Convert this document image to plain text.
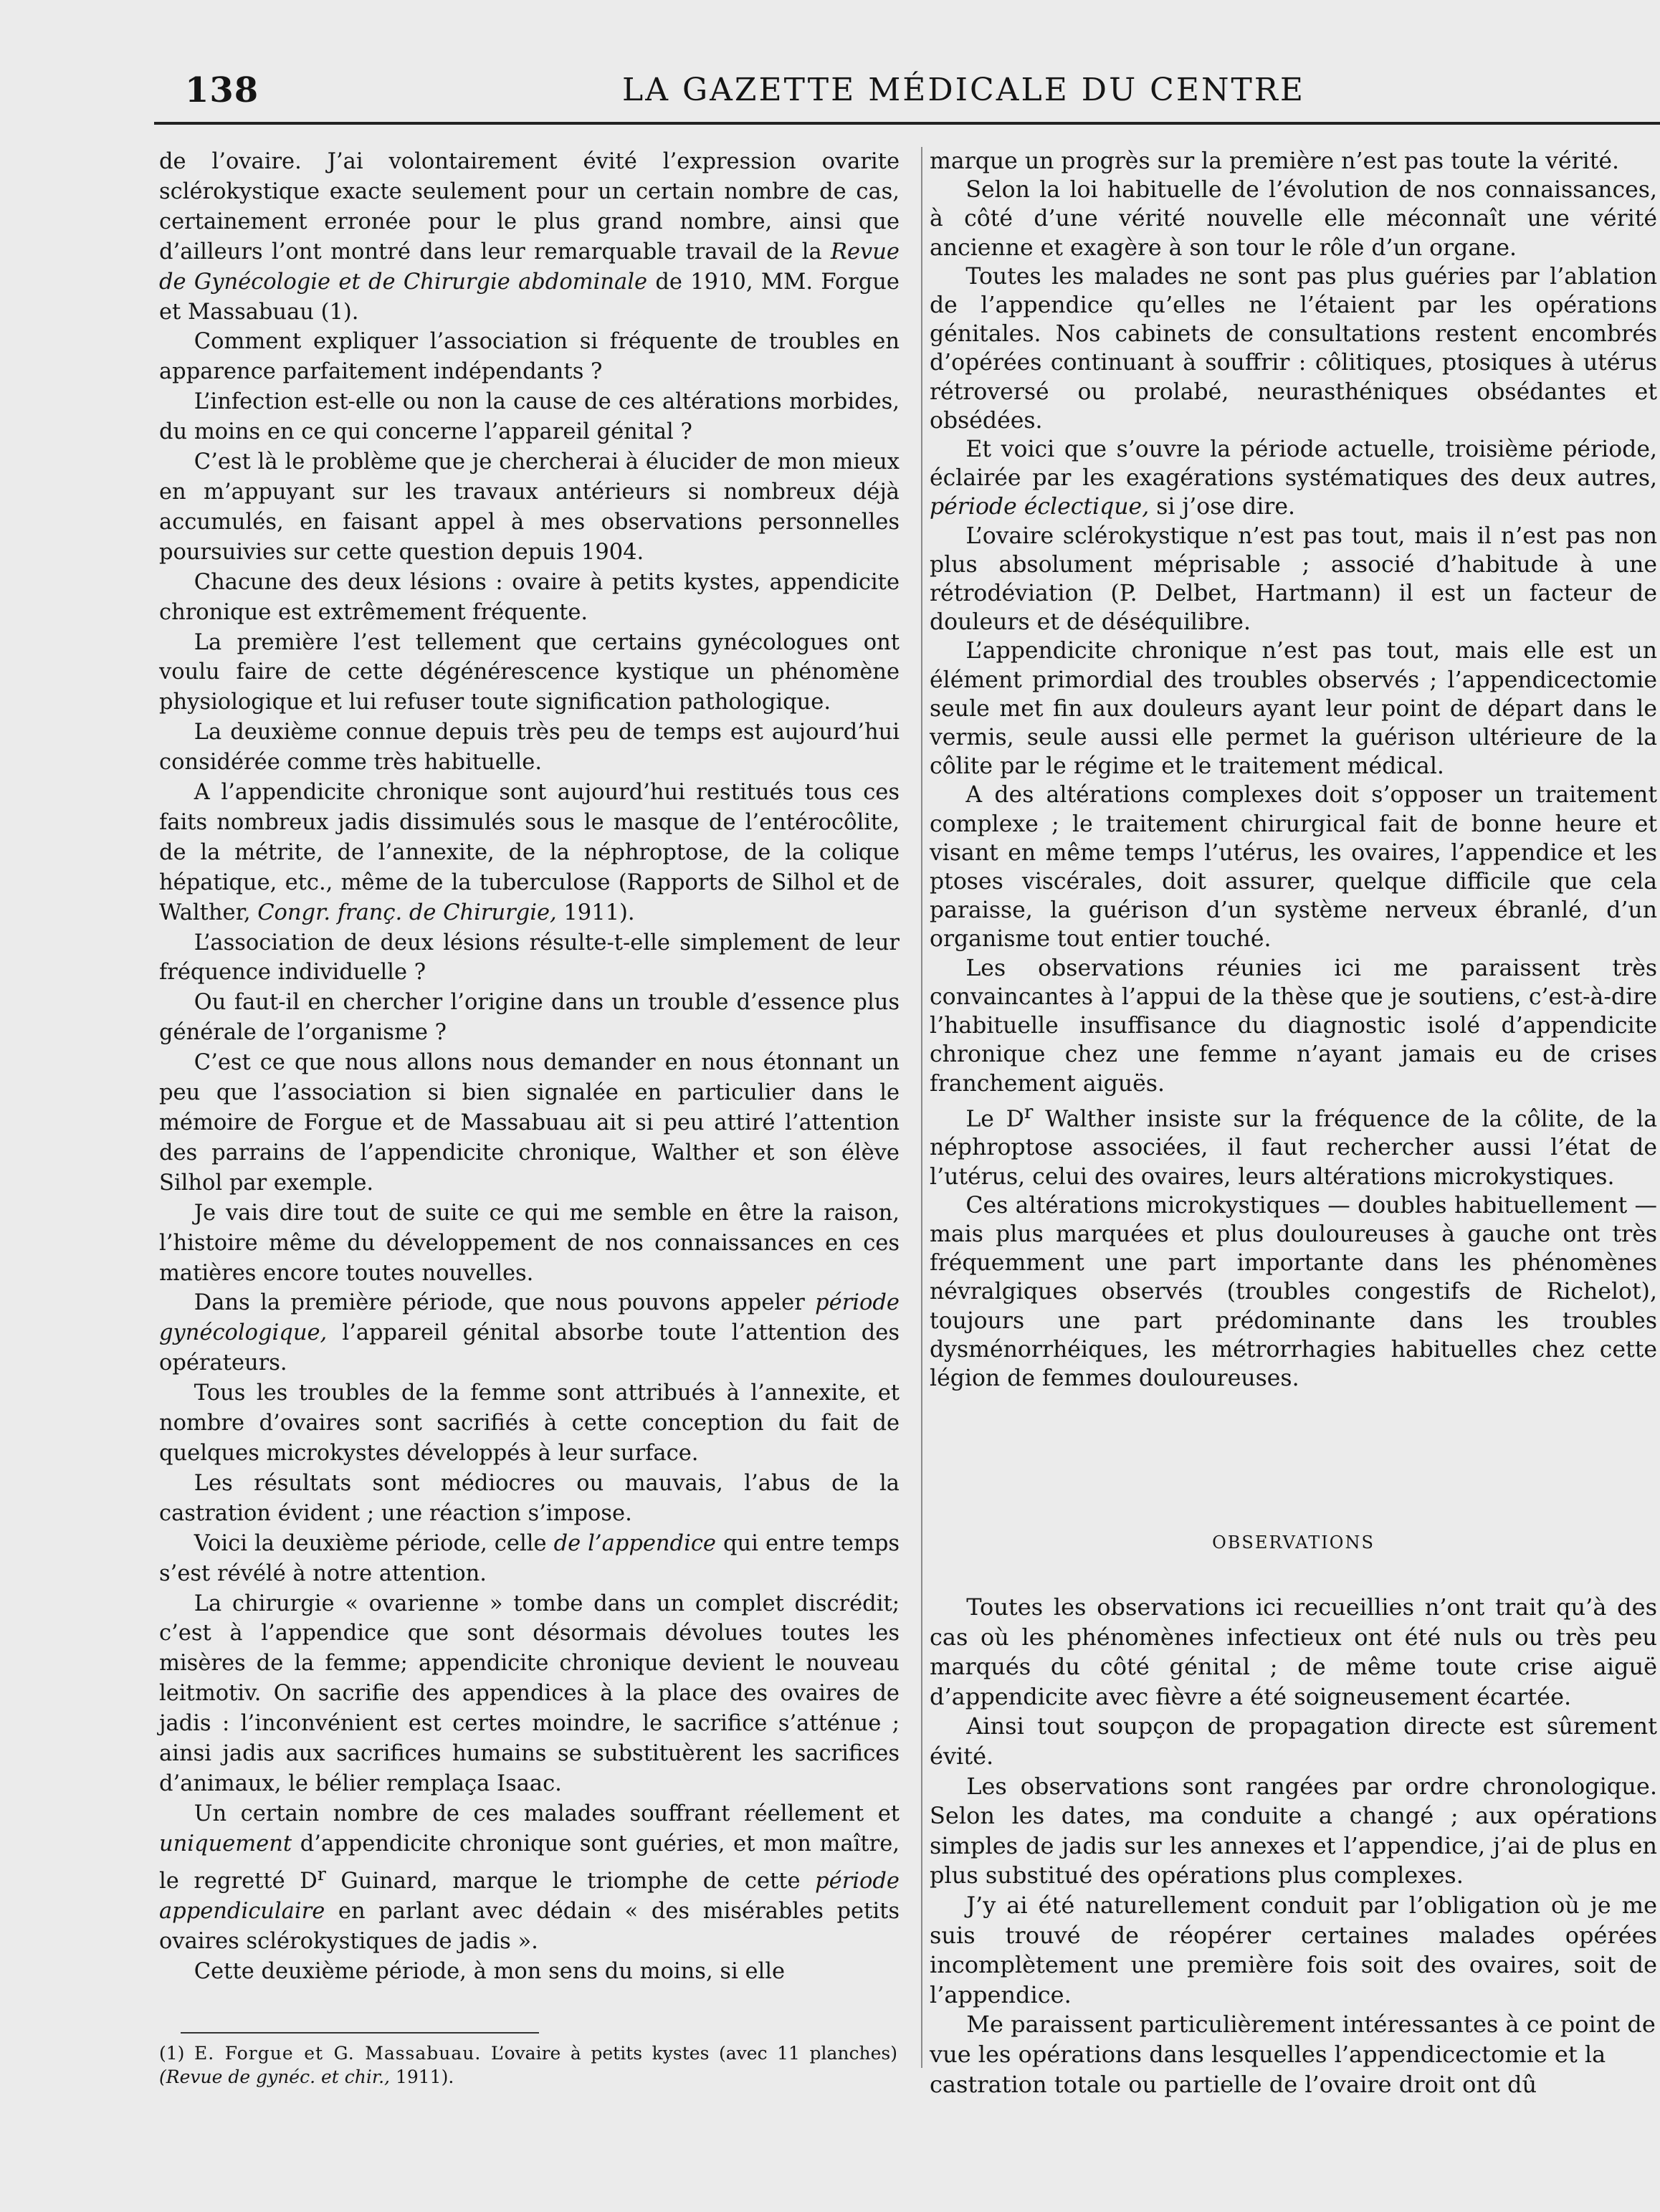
138	LA GAZETTE MÉDICALE DU CENTRE

de l’ovaire. J’ai volontairement évité l’expression ovarite sclérokystique exacte seulement pour un certain nombre de cas, certainement erronée pour le plus grand nombre, ainsi que d’ailleurs l’ont montré dans leur remarquable travail de la Revue de Gynécologie et de Chirurgie abdominale de 1910, MM. Forgue et Massabuau (1).

Comment expliquer l’association si fréquente de troubles en apparence parfaitement indépendants ?

L’infection est-elle ou non la cause de ces altérations morbides, du moins en ce qui concerne l’appareil génital ?

C’est là le problème que je chercherai à élucider de mon mieux en m’appuyant sur les travaux antérieurs si nombreux déjà accumulés, en faisant appel à mes observations personnelles poursuivies sur cette question depuis 1904.

Chacune des deux lésions : ovaire à petits kystes, appendicite chronique est extrêmement fréquente.

La première l’est tellement que certains gynécologues ont voulu faire de cette dégénérescence kystique un phénomène physiologique et lui refuser toute signification pathologique.

La deuxième connue depuis très peu de temps est aujourd’hui considérée comme très habituelle.

A l’appendicite chronique sont aujourd’hui restitués tous ces faits nombreux jadis dissimulés sous le masque de l’entérocôlite, de la métrite, de l’annexite, de la néphroptose, de la colique hépatique, etc., même de la tuberculose (Rapports de Silhol et de Walther, Congr. franç. de Chirurgie, 1911).

L’association de deux lésions résulte-t-elle simplement de leur fréquence individuelle ?

Ou faut-il en chercher l’origine dans un trouble d’essence plus générale de l’organisme ?

C’est ce que nous allons nous demander en nous étonnant un peu que l’association si bien signalée en particulier dans le mémoire de Forgue et de Massabuau ait si peu attiré l’attention des parrains de l’appendicite chronique, Walther et son élève Silhol par exemple.

Je vais dire tout de suite ce qui me semble en être la raison, l’histoire même du développement de nos connaissances en ces matières encore toutes nouvelles.

Dans la première période, que nous pouvons appeler période gynécologique, l’appareil génital absorbe toute l’attention des opérateurs.

Tous les troubles de la femme sont attribués à l’annexite, et nombre d’ovaires sont sacrifiés à cette conception du fait de quelques microkystes développés à leur surface.

Les résultats sont médiocres ou mauvais, l’abus de la castration évident ; une réaction s’impose.

Voici la deuxième période, celle de l’appendice qui entre temps s’est révélé à notre attention.

La chirurgie « ovarienne » tombe dans un complet discrédit; c’est à l’appendice que sont désormais dévolues toutes les misères de la femme; appendicite chronique devient le nouveau leitmotiv. On sacrifie des appendices à la place des ovaires de jadis : l’inconvénient est certes moindre, le sacrifice s’atténue ; ainsi jadis aux sacrifices humains se substituèrent les sacrifices d’animaux, le bélier remplaça Isaac.

Un certain nombre de ces malades souffrant réellement et uniquement d’appendicite chronique sont guéries, et mon maître, le regretté $D^r$ Guinard, marque le triomphe de cette période appendiculaire en parlant avec dédain « des misérables petits ovaires sclérokystiques de jadis ».

Cette deuxième période, à mon sens du moins, si elle

marque un progrès sur la première n’est pas toute la vérité.

Selon la loi habituelle de l’évolution de nos connaissances, à côté d’une vérité nouvelle elle méconnaît une vérité ancienne et exagère à son tour le rôle d’un organe.

Toutes les malades ne sont pas plus guéries par l’ablation de l’appendice qu’elles ne l’étaient par les opérations génitales. Nos cabinets de consultations restent encombrés d’opérées continuant à souffrir : côlitiques, ptosiques à utérus rétroversé ou prolabé, neurasthéniques obsédantes et obsédées.

Et voici que s’ouvre la période actuelle, troisième période, éclairée par les exagérations systématiques des deux autres, période éclectique, si j’ose dire.

L’ovaire sclérokystique n’est pas tout, mais il n’est pas non plus absolument méprisable ; associé d’habitude à une rétrodéviation (P. Delbet, Hartmann) il est un facteur de douleurs et de déséquilibre.

L’appendicite chronique n’est pas tout, mais elle est un élément primordial des troubles observés ; l’appendicectomie seule met fin aux douleurs ayant leur point de départ dans le vermis, seule aussi elle permet la guérison ultérieure de la côlite par le régime et le traitement médical.

A des altérations complexes doit s’opposer un traitement complexe ; le traitement chirurgical fait de bonne heure et visant en même temps l’utérus, les ovaires, l’appendice et les ptoses viscérales, doit assurer, quelque difficile que cela paraisse, la guérison d’un système nerveux ébranlé, d’un organisme tout entier touché.

Les observations réunies ici me paraissent très convaincantes à l’appui de la thèse que je soutiens, c’est-à-dire l’habituelle insuffisance du diagnostic isolé d’appendicite chronique chez une femme n’ayant jamais eu de crises franchement aiguës.

Le $D^r$ Walther insiste sur la fréquence de la côlite, de la néphroptose associées, il faut rechercher aussi l’état de l’utérus, celui des ovaires, leurs altérations microkystiques.

Ces altérations microkystiques — doubles habituellement — mais plus marquées et plus douloureuses à gauche ont très fréquemment une part importante dans les phénomènes névralgiques observés (troubles congestifs de Richelot), toujours une part prédominante dans les troubles dysménorrhéiques, les métrorrhagies habituelles chez cette légion de femmes douloureuses.

OBSERVATIONS

Toutes les observations ici recueillies n’ont trait qu’à des cas où les phénomènes infectieux ont été nuls ou très peu marqués du côté génital ; de même toute crise aiguë d’appendicite avec fièvre a été soigneusement écartée.

Ainsi tout soupçon de propagation directe est sûrement évité.

Les observations sont rangées par ordre chronologique. Selon les dates, ma conduite a changé ; aux opérations simples de jadis sur les annexes et l’appendice, j’ai de plus en plus substitué des opérations plus complexes.

J’y ai été naturellement conduit par l’obligation où je me suis trouvé de réopérer certaines malades opérées incomplètement une première fois soit des ovaires, soit de l’appendice.

Me paraissent particulièrement intéressantes à ce point de vue les opérations dans lesquelles l’appendicectomie et la castration totale ou partielle de l’ovaire droit ont dû

(1) E. Forgue et G. Massabuau. L’ovaire à petits kystes (avec 11 planches) (Revue de gynéc. et chir., 1911).
